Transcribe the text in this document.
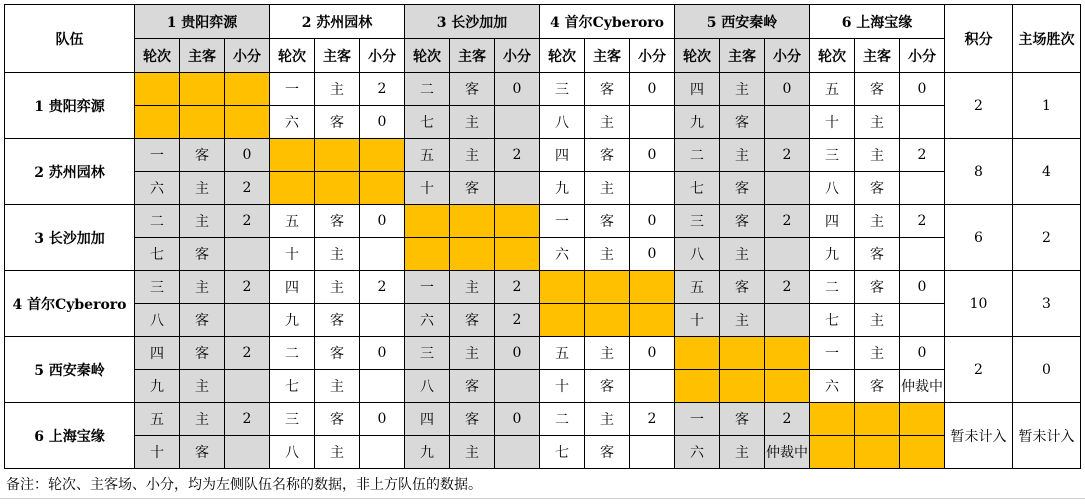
队伍	1 贵阳弈源			2 苏州园林			3 长沙加加			4 首尔Cyberoro			5 西安秦岭			6 上海宝缘			积分	主场胜次
	轮次	主客	小分	轮次	主客	小分	轮次	主客	小分	轮次	主客	小分	轮次	主客	小分	轮次	主客	小分		
1 贵阳弈源				一	主	2	二	客	0	三	客	0	四	主	0	五	客	0	2	1
				六	客	0	七	主		八	主		九	客		十	主			
2 苏州园林	一	客	0				五	主	2	四	客	0	二	主	2	三	主	2	8	4
	六	主	2				十	客		九	主		七	客		八	客			
3 长沙加加	二	主	2	五	客	0				一	客	0	三	客	2	四	主	2	6	2
	七	客		十	主					六	主	0	八	主		九	客			
4 首尔Cyberoro	三	主	2	四	主	2	一	主	2				五	客	2	二	客	0	10	3
	八	客		九	客		六	客	2				十	主		七	主			
5 西安秦岭	四	客	2	二	客	0	三	主	0	五	主	0				一	主	0	2	0
	九	主		七	主		八	客		十	客					六	客	仲裁中		
6 上海宝缘	五	主	2	三	客	0	四	客	0	二	主	2	一	客	2				暂未计入	暂未计入
	十	客		八	主		九	主		七	客		六	主	仲裁中					
备注：轮次、主客场、小分，均为左侧队伍名称的数据，非上方队伍的数据。
